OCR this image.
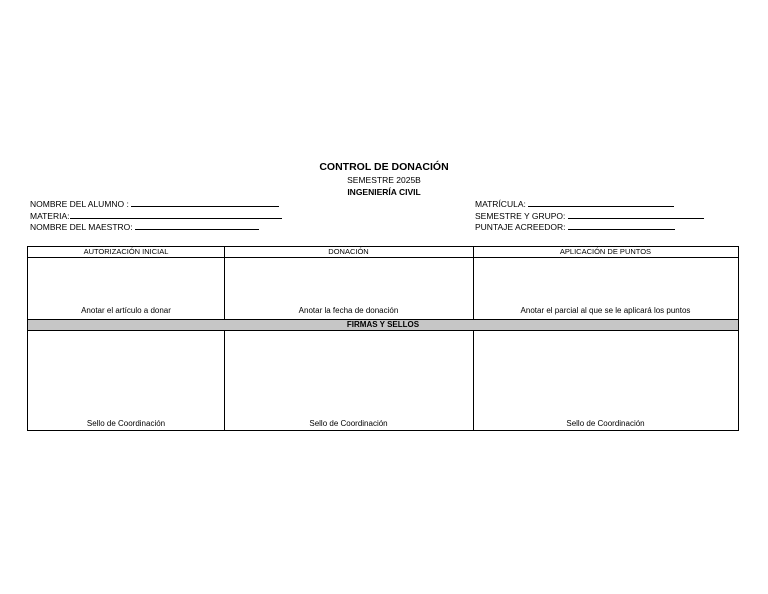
CONTROL DE DONACIÓN
SEMESTRE 2025B
INGENIERÍA CIVIL
NOMBRE DEL ALUMNO :
MATERIA:
NOMBRE DEL MAESTRO:
MATRÍCULA:
SEMESTRE Y GRUPO:
PUNTAJE ACREEDOR:
AUTORIZACIÓN INICIAL	DONACIÓN	APLICACIÓN DE PUNTOS
Anotar el artículo a donar	Anotar la fecha de donación	Anotar el parcial al que se le aplicará los puntos
FIRMAS Y SELLOS
Sello de Coordinación	Sello de Coordinación	Sello de Coordinación
